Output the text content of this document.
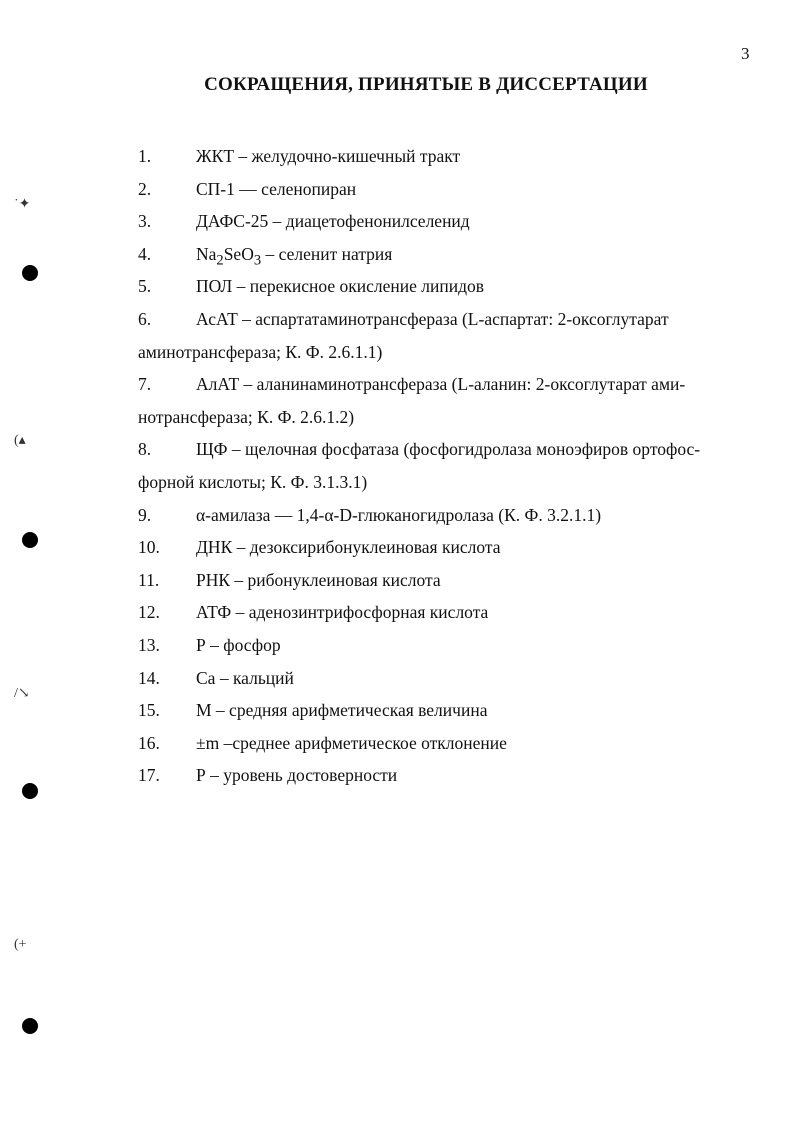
3
СОКРАЩЕНИЯ, ПРИНЯТЫЕ В ДИССЕРТАЦИИ
1.	ЖКТ – желудочно-кишечный тракт
2.	СП-1 — селенопиран
3.	ДАФС-25 – диацетофенонилселенид
4.	$Na_2SeO_3$ – селенит натрия
5.	ПОЛ – перекисное окисление липидов
6.	АсАТ – аспартатаминотрансфераза (L-аспартат: 2-оксоглутарат
аминотрансфераза; К. Ф. 2.6.1.1)
7.	АлАТ – аланинаминотрансфераза (L-аланин: 2-оксоглутарат ами-
нотрансфераза; К. Ф. 2.6.1.2)
8.	ЩФ – щелочная фосфатаза (фосфогидролаза моноэфиров ортофос-
форной кислоты; К. Ф. 3.1.3.1)
9.	α-амилаза — 1,4-α-D-глюканогидролаза (К. Ф. 3.2.1.1)
10. ДНК – дезоксирибонуклеиновая кислота
11. РНК – рибонуклеиновая кислота
12. АТФ – аденозинтрифосфорная кислота
13. Р – фосфор
14. Са – кальций
15. М – средняя арифметическая величина
16. ±m –среднее арифметическое отклонение
17. Р – уровень достоверности
˙✦
(▴
/↘
(+
